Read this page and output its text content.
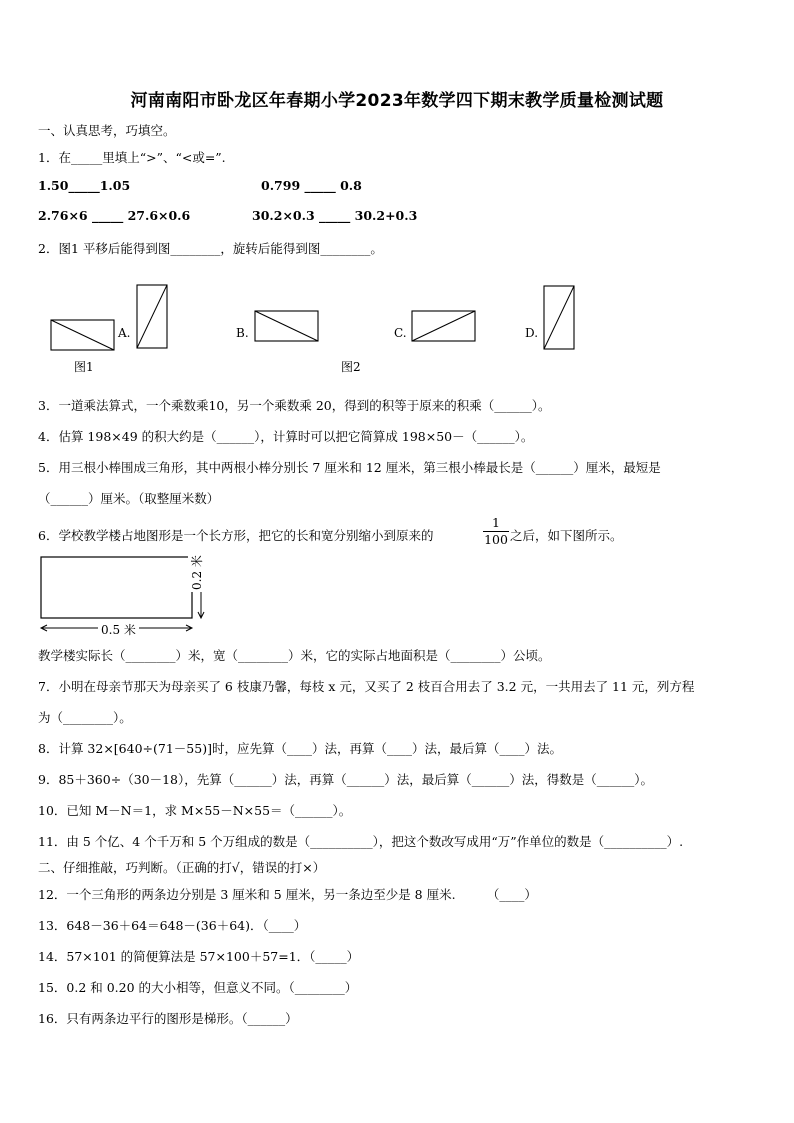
河南南阳市卧龙区年春期小学2023年数学四下期末教学质量检测试题
一、认真思考，巧填空。
1．在_____里填上“>”、“<或=”.
1.50_____1.05	0.799 _____ 0.8
2.76×6 _____ 27.6×0.6	30.2×0.3 _____ 30.2+0.3
2．图1 平移后能得到图________，旋转后能得到图________。
A.	B.	C.	D.
图1	图2
3．一道乘法算式，一个乘数乘10，另一个乘数乘 20，得到的积等于原来的积乘（______）。
4．估算 198×49 的积大约是（______），计算时可以把它简算成 198×50－（______）。
5．用三根小棒围成三角形，其中两根小棒分别长 7 厘米和 12 厘米，第三根小棒最长是（______）厘米，最短是
（______）厘米。（取整厘米数）
6．学校教学楼占地图形是一个长方形，把它的长和宽分别缩小到原来的
1
100 之后，如下图所示。
0.2 米
0.5 米
教学楼实际长（________）米，宽（________）米，它的实际占地面积是（________）公顷。
7．小明在母亲节那天为母亲买了 6 枝康乃馨，每枝 x 元，又买了 2 枝百合用去了 3.2 元，一共用去了 11 元，列方程
为（________）。
8．计算 32×[640÷(71－55)]时，应先算（____）法，再算（____）法，最后算（____）法。
9．85＋360÷（30－18），先算（______）法，再算（______）法，最后算（______）法，得数是（______）。
10．已知 M－N＝1，求 M×55－N×55＝（______）。
11．由 5 个亿、4 个千万和 5 个万组成的数是（__________），把这个数改写成用“万”作单位的数是（__________）.
二、仔细推敲，巧判断。（正确的打√，错误的打×）
12．一个三角形的两条边分别是 3 厘米和 5 厘米，另一条边至少是 8 厘米.　　　（____）
13．648－36＋64＝648－(36＋64)．（____）
14．57×101 的简便算法是 57×100＋57=1．（_____）
15．0.2 和 0.20 的大小相等，但意义不同。（________）
16．只有两条边平行的图形是梯形。（______）
